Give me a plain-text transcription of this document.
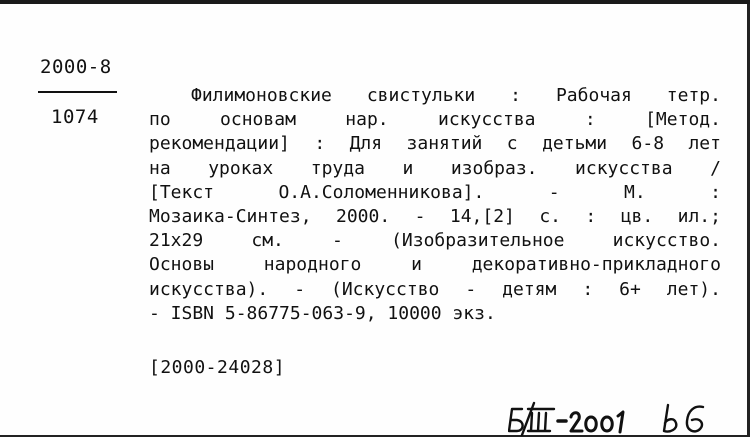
2000-8
1074
Филимоновские свистульки : Рабочая тетр.
по	основам	нар.	искусства	:	[Метод.
рекомендации] : Для занятий с детьми 6-8 лет
на уроках труда и изобраз. искусства /
[Текст	О.А.Соломенникова].	-	М.	:
Мозаика-Синтез, 2000. - 14,[2] с. : цв. ил.;
21x29	см.	-	(Изобразительное	искусство.
Основы	народного	и	декоративно-прикладного
искусства). - (Искусство - детям : 6+ лет).
- ISBN 5-86775-063-9, 10000 экз.
[2000-24028]
